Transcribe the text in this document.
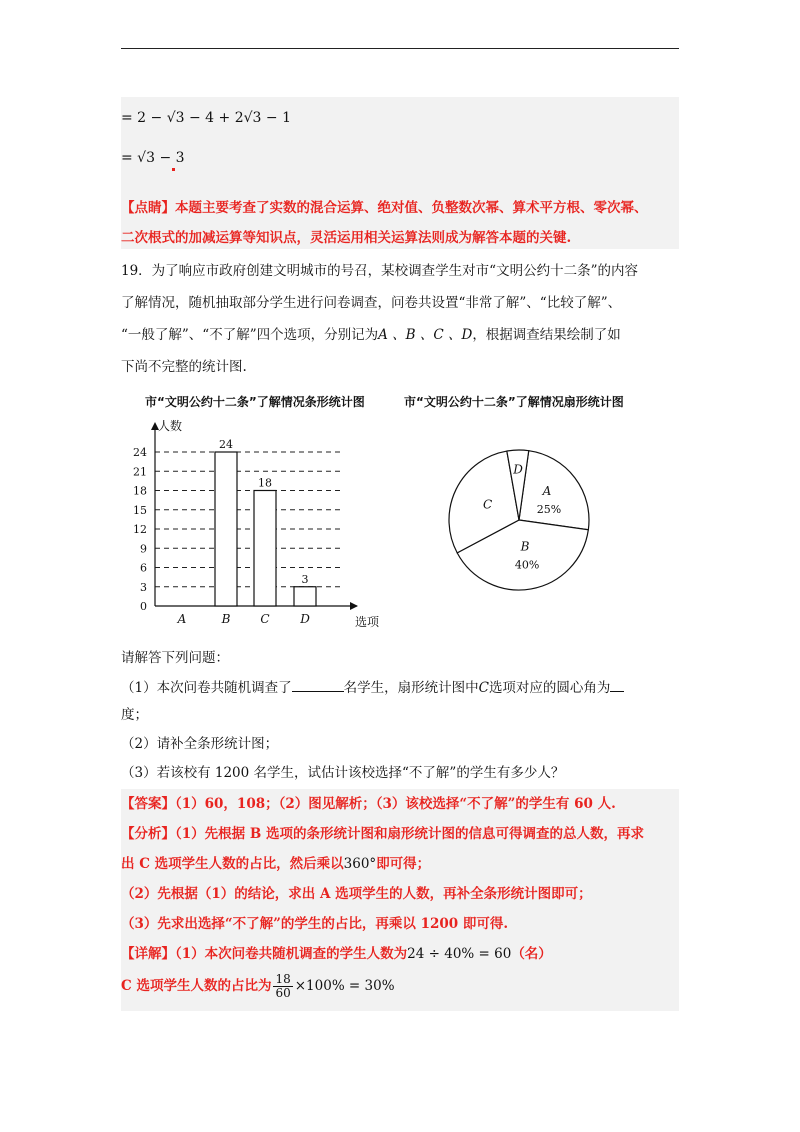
= 2 − √3 − 4 + 2√3 − 1
= √3 − 3
【点睛】本题主要考查了实数的混合运算、绝对值、负整数次幂、算术平方根、零次幂、
二次根式的加减运算等知识点，灵活运用相关运算法则成为解答本题的关键.
19．为了响应市政府创建文明城市的号召，某校调查学生对市“文明公约十二条”的内容
了解情况，随机抽取部分学生进行问卷调查，问卷共设置“非常了解”、“比较了解”、
“一般了解”、“不了解”四个选项，分别记为A 、B 、C 、D，根据调查结果绘制了如
下尚不完整的统计图.
市“文明公约十二条”了解情况条形统计图	市“文明公约十二条”了解情况扇形统计图
0
3
6
9
12
15
18
21
24
人数
选项
A
24
B
18
C
3
D
A
25%
B
40%
C
D
请解答下列问题：
（1）本次问卷共随机调查了	名学生，扇形统计图中C选项对应的圆心角为
度；
（2）请补全条形统计图；
（3）若该校有 1200 名学生，试估计该校选择“不了解”的学生有多少人？
【答案】（1）60，108；（2）图见解析；（3）该校选择“不了解”的学生有 60 人.
【分析】（1）先根据 B 选项的条形统计图和扇形统计图的信息可得调查的总人数，再求
出 C 选项学生人数的占比，然后乘以360°即可得；
（2）先根据（1）的结论，求出 A 选项学生的人数，再补全条形统计图即可；
（3）先求出选择“不了解”的学生的占比，再乘以 1200 即可得.
【详解】（1）本次问卷共随机调查的学生人数为24 ÷ 40% = 60（名）
C 选项学生人数的占比为 $\frac{18}{60} \times 100\% = 30\%$
